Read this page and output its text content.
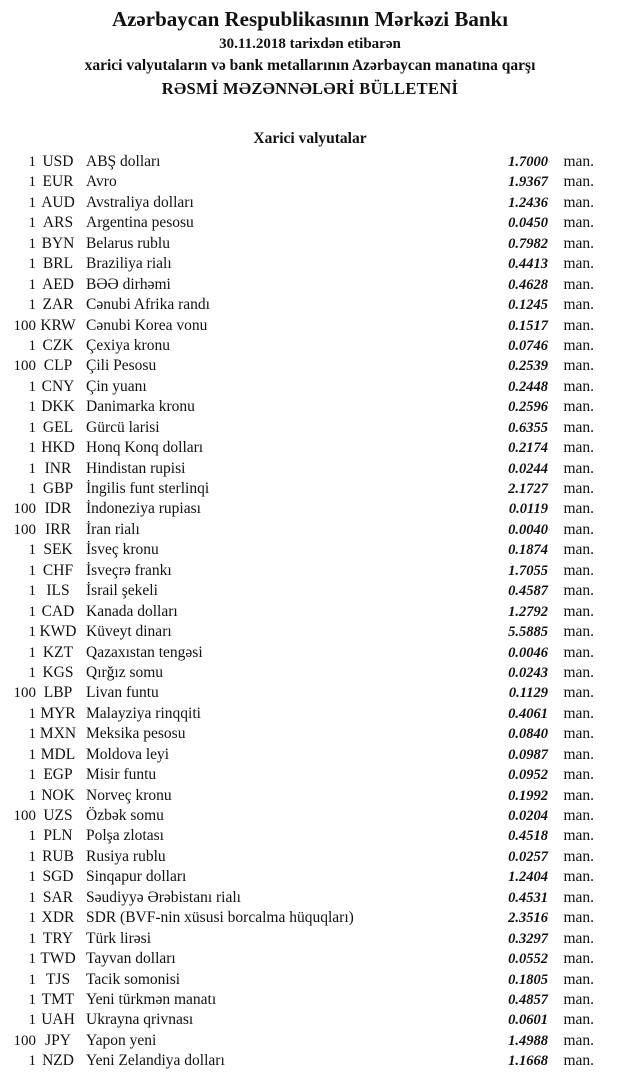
Azərbaycan Respublikasının Mərkəzi Bankı
30.11.2018 tarixdən etibarən
xarici valyutaların və bank metallarının Azərbaycan manatına qarşı
RƏSMİ MƏZƏNNƏLƏRİ BÜLLETENİ
Xarici valyutalar
1 USD ABŞ dolları	1.7000 man.
1 EUR Avro	1.9367 man.
1 AUD Avstraliya dolları	1.2436 man.
1 ARS Argentina pesosu	0.0450 man.
1 BYN Belarus rublu	0.7982 man.
1 BRL Braziliya rialı	0.4413 man.
1 AED BƏƏ dirhəmi	0.4628 man.
1 ZAR Cənubi Afrika randı	0.1245 man.
100 KRW Cənubi Korea vonu	0.1517 man.
1 CZK Çexiya kronu	0.0746 man.
100 CLP Çili Pesosu	0.2539 man.
1 CNY Çin yuanı	0.2448 man.
1 DKK Danimarka kronu	0.2596 man.
1 GEL Gürcü larisi	0.6355 man.
1 HKD Honq Konq dolları	0.2174 man.
1 INR Hindistan rupisi	0.0244 man.
1 GBP İngilis funt sterlinqi	2.1727 man.
100 IDR İndoneziya rupiası	0.0119 man.
100 IRR İran rialı	0.0040 man.
1 SEK İsveç kronu	0.1874 man.
1 CHF İsveçrə frankı	1.7055 man.
1 ILS	İsrail şekeli	0.4587 man.
1 CAD Kanada dolları	1.2792 man.
1 KWD Küveyt dinarı	5.5885 man.
1 KZT Qazaxıstan tengəsi	0.0046 man.
1 KGS Qırğız somu	0.0243 man.
100 LBP Livan funtu	0.1129 man.
1 MYR Malayziya rinqqiti	0.4061 man.
1 MXN Meksika pesosu	0.0840 man.
1 MDL Moldova leyi	0.0987 man.
1 EGP Misir funtu	0.0952 man.
1 NOK Norveç kronu	0.1992 man.
100 UZS Özbək somu	0.0204 man.
1 PLN Polşa zlotası	0.4518 man.
1 RUB Rusiya rublu	0.0257 man.
1 SGD Sinqapur dolları	1.2404 man.
1 SAR Səudiyyə Ərəbistanı rialı	0.4531 man.
1 XDR SDR (BVF-nin xüsusi borcalma hüquqları)	2.3516 man.
1 TRY Türk lirəsi	0.3297 man.
1 TWD Tayvan dolları	0.0552 man.
1 TJS	Tacik somonisi	0.1805 man.
1 TMT Yeni türkmən manatı	0.4857 man.
1 UAH Ukrayna qrivnası	0.0601 man.
100 JPY Yapon yeni	1.4988 man.
1 NZD Yeni Zelandiya dolları	1.1668 man.
